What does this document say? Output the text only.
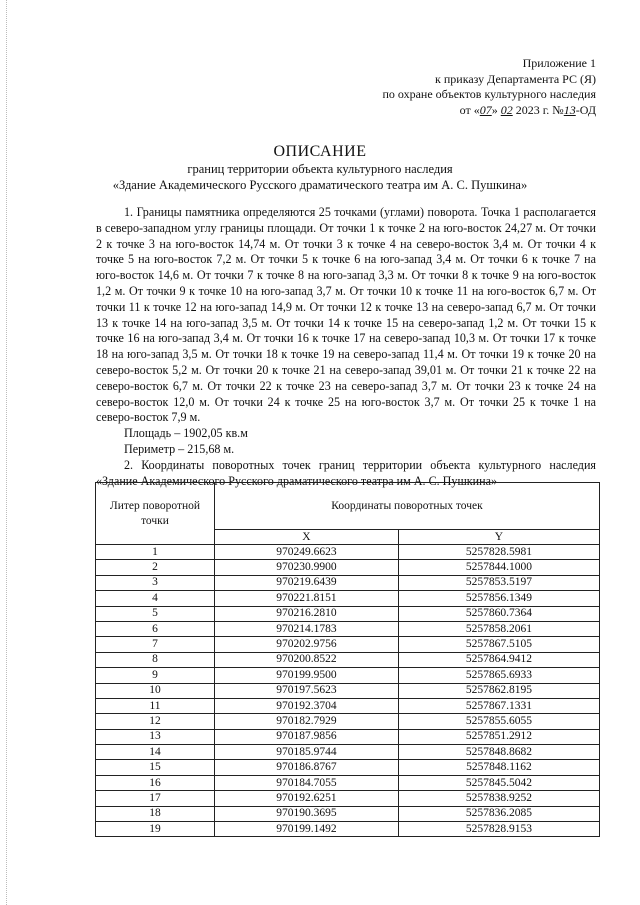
Приложение 1
к приказу Департамента РС (Я)
по охране объектов культурного наследия
от «07» 02 2023 г. №13-ОД
ОПИСАНИЕ
границ территории объекта культурного наследия
«Здание Академического Русского драматического театра им А. С. Пушкина»

1. Границы памятника определяются 25 точками (углами) поворота. Точка 1 располагается в северо-западном углу границы площади. От точки 1 к точке 2 на юго-восток 24,27 м. От точки 2 к точке 3 на юго-восток 14,74 м. От точки 3 к точке 4 на северо-восток 3,4 м. От точки 4 к точке 5 на юго-восток 7,2 м. От точки 5 к точке 6 на юго-запад 3,4 м. От точки 6 к точке 7 на юго-восток 14,6 м. От точки 7 к точке 8 на юго-запад 3,3 м. От точки 8 к точке 9 на юго-восток 1,2 м. От точки 9 к точке 10 на юго-запад 3,7 м. От точки 10 к точке 11 на юго-восток 6,7 м. От точки 11 к точке 12 на юго-запад 14,9 м. От точки 12 к точке 13 на северо-запад 6,7 м. От точки 13 к точке 14 на юго-запад 3,5 м. От точки 14 к точке 15 на северо-запад 1,2 м. От точки 15 к точке 16 на юго-запад 3,4 м. От точки 16 к точке 17 на северо-запад 10,3 м. От точки 17 к точке 18 на юго-запад 3,5 м. От точки 18 к точке 19 на северо-запад 11,4 м. От точки 19 к точке 20 на северо-восток 5,2 м. От точки 20 к точке 21 на северо-запад 39,01 м. От точки 21 к точке 22 на северо-восток 6,7 м. От точки 22 к точке 23 на северо-запад 3,7 м. От точки 23 к точке 24 на северо-восток 12,0 м. От точки 24 к точке 25 на юго-восток 3,7 м. От точки 25 к точке 1 на северо-восток 7,9 м.

Площадь – 1902,05 кв.м

Периметр – 215,68 м.

2. Координаты поворотных точек границ территории объекта культурного наследия «Здание Академического Русского драматического театра им А. С. Пушкина»

Литер поворотной точки	Координаты поворотных точек	
	X	Y
1	970249.6623	5257828.5981
2	970230.9900	5257844.1000
3	970219.6439	5257853.5197
4	970221.8151	5257856.1349
5	970216.2810	5257860.7364
6	970214.1783	5257858.2061
7	970202.9756	5257867.5105
8	970200.8522	5257864.9412
9	970199.9500	5257865.6933
10	970197.5623	5257862.8195
11	970192.3704	5257867.1331
12	970182.7929	5257855.6055
13	970187.9856	5257851.2912
14	970185.9744	5257848.8682
15	970186.8767	5257848.1162
16	970184.7055	5257845.5042
17	970192.6251	5257838.9252
18	970190.3695	5257836.2085
19	970199.1492	5257828.9153
